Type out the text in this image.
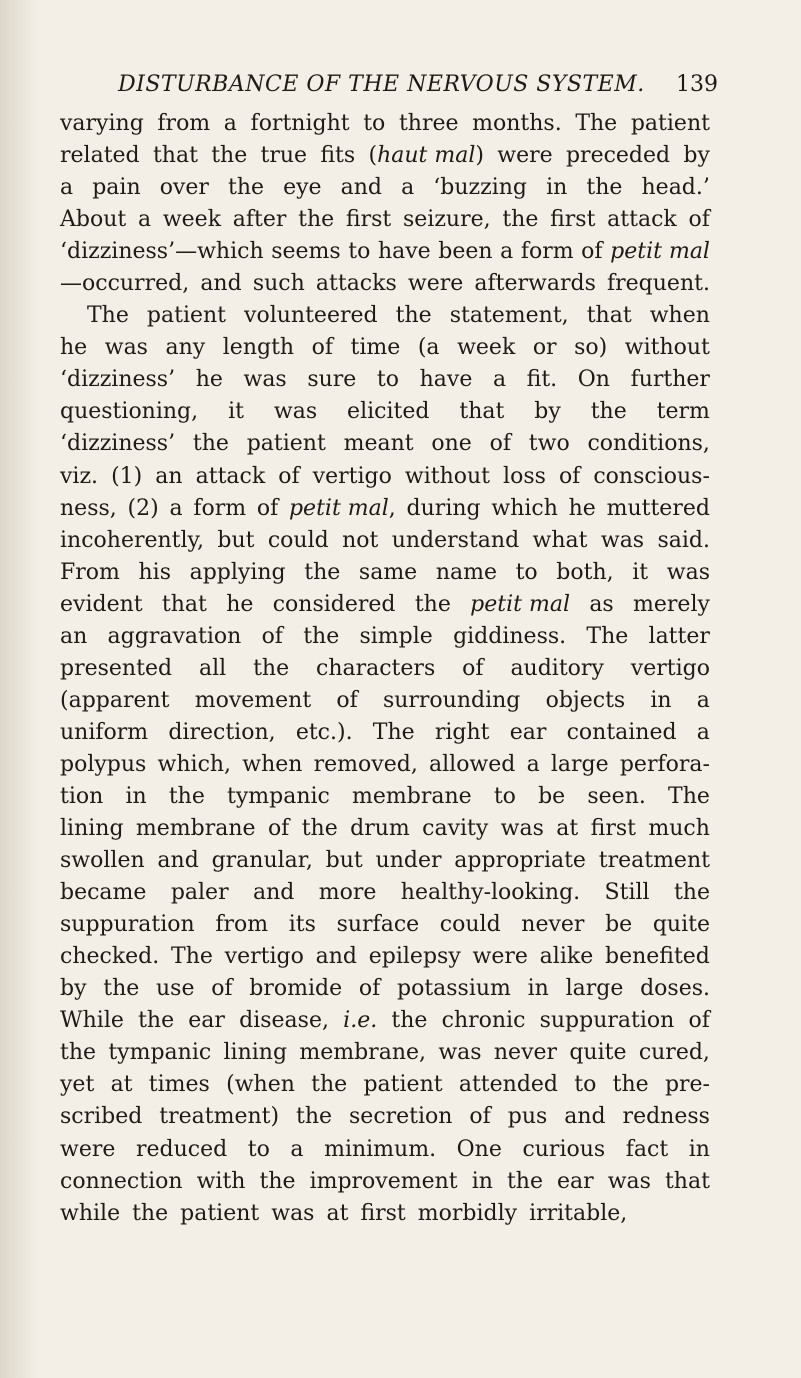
DISTURBANCE OF THE NERVOUS SYSTEM. 139
varying from a fortnight to three months. The patient
related that the true fits (haut mal) were preceded by
a pain over the eye and a ‘buzzing in the head.’
About a week after the first seizure, the first attack of
‘dizziness’—which seems to have been a form of petit mal
—occurred, and such attacks were afterwards frequent.
The patient volunteered the statement, that when
he was any length of time (a week or so) without
‘dizziness’ he was sure to have a fit. On further
questioning, it was elicited that by the term
‘dizziness’ the patient meant one of two conditions,
viz. (1) an attack of vertigo without loss of conscious-
ness, (2) a form of petit mal, during which he muttered
incoherently, but could not understand what was said.
From his applying the same name to both, it was
evident that he considered the petit mal as merely
an aggravation of the simple giddiness. The latter
presented all the characters of auditory vertigo
(apparent movement of surrounding objects in a
uniform direction, etc.). The right ear contained a
polypus which, when removed, allowed a large perfora-
tion in the tympanic membrane to be seen. The
lining membrane of the drum cavity was at first much
swollen and granular, but under appropriate treatment
became paler and more healthy-looking. Still the
suppuration from its surface could never be quite
checked. The vertigo and epilepsy were alike benefited
by the use of bromide of potassium in large doses.
While the ear disease, i.e. the chronic suppuration of
the tympanic lining membrane, was never quite cured,
yet at times (when the patient attended to the pre-
scribed treatment) the secretion of pus and redness
were reduced to a minimum. One curious fact in
connection with the improvement in the ear was that
while the patient was at first morbidly irritable,
